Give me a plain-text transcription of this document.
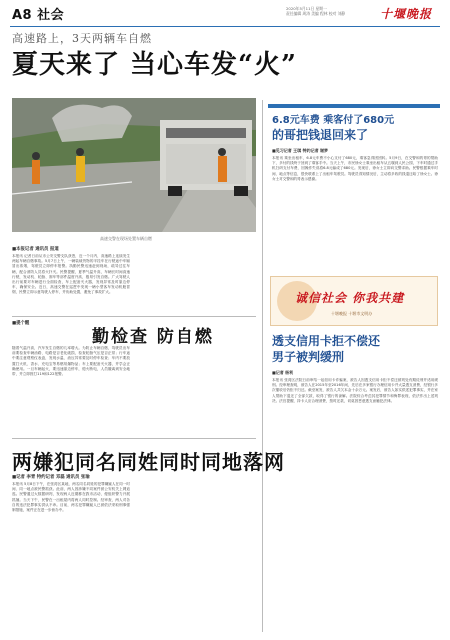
A8 社会	2020年5月11日 星期一
责任编辑 周涛 美编 程林 校对 刘静	十堰晚报
高速路上，3天两辆车自燃
夏天来了 当心车发“火”
高速交警在现场处置车辆自燃
■本报记者 通讯员 报道
本报讯 记者日前从市公安交警支队获悉，近一个月内，高速路上连续发生两起车辆自燃事故。5月7日上午，一辆装载货物的半挂车在行驶途中车厢冒出浓烟，驾驶员立即停车报警。执勤民警迅速赶到现场，疏导过往车辆，配合消防人员将火扑灭。民警提醒，夏季气温升高，车辆长时间高速行驶，发动机、轮胎、刹车等部件温度升高，极易引发自燃。广大驾驶人出行前要对车辆进行全面检查，车上配备灭火器，发现异常及时靠边停车，确保安全。近日，高速交警在巡逻中发现一辆小型客车发动机舱冒烟，民警立即示意驾驶人停车，并协助处置，避免了事故扩大。
■提个醒
勤检查 防自燃
随着气温升高，汽车发生自燃的几率增大。为防止车辆自燃，驾驶员出车前要检查车辆油路、电路是否老化破损，检查轮胎气压是否正常；行车途中要注意观察仪表盘，发现水温、油压异常要及时停车检查；车内不要放置打火机、香水、充电宝等易燃易爆物品；车上要配备灭火器，并学会正确使用。一旦车辆起火，要迅速靠边停车，熄火断电，人员撤离到安全地带，并立即拨打119和122报警。
两嫌犯同名同姓同时同地落网
■记者 李青 特约记者 邓磊 通讯员 张瑜
本报讯 5月8日下午，在张湾区某地，两名同名同姓的犯罪嫌疑人在同一时间、同一地点被民警抓获。此前，两人因涉嫌不同案件被公安机关上网追逃。民警通过大数据研判，发现两人近期都在我市活动，便组织警力开展抓捕。当天下午，民警在一出租屋内将两人同时控制。经审查，两人对各自的违法犯罪事实供认不讳。目前，两名犯罪嫌疑人已被依法采取刑事强制措施，案件正在进一步侦办中。
6.8元车费 乘客付了680元
的哥把钱退回来了
■见习记者 王琪 特约记者 谢梦
本报讯 乘坐出租车，6.8元车费不小心支付了680元，乘客急得团团转。5月9日，在交警和的哥的帮助下，多付的钱终于回到了乘客手中。当天上午，市民徐女士乘坐出租车从五堰到人民公园，下车时通过手机扫码支付车费，因操作失误将6.8元输成了680元。发现后，徐女士立即向交警求助。民警根据乘车时间、地点等信息，很快联系上了出租车驾驶员。驾驶员得知情况后，主动将多收的钱退还给了徐女士。徐女士对交警和的哥表示感谢。
诚信社会 你我共建
十堰晚报 十堰市文明办
透支信用卡拒不偿还
男子被判缓刑
■记者 杨利
本报讯 张湾区法院日前审结一起信用卡诈骗案，被告人因透支信用卡拒不偿还被判处有期徒刑并适用缓刑。经审理查明，被告人在2015年至2016年间，先后在多家银行办理信用卡并大量透支消费，经银行多次催收后仍拒不归还。截至案发，被告人共欠本金十余万元。案发后，被告人如实供述犯罪事实，并在家人帮助下退还了全部欠款，取得了银行的谅解。法院综合考虑其犯罪情节和悔罪表现，依法作出上述判决。法官提醒，持卡人应合理消费，按时还款，切莫因恶意透支而触犯法律。
